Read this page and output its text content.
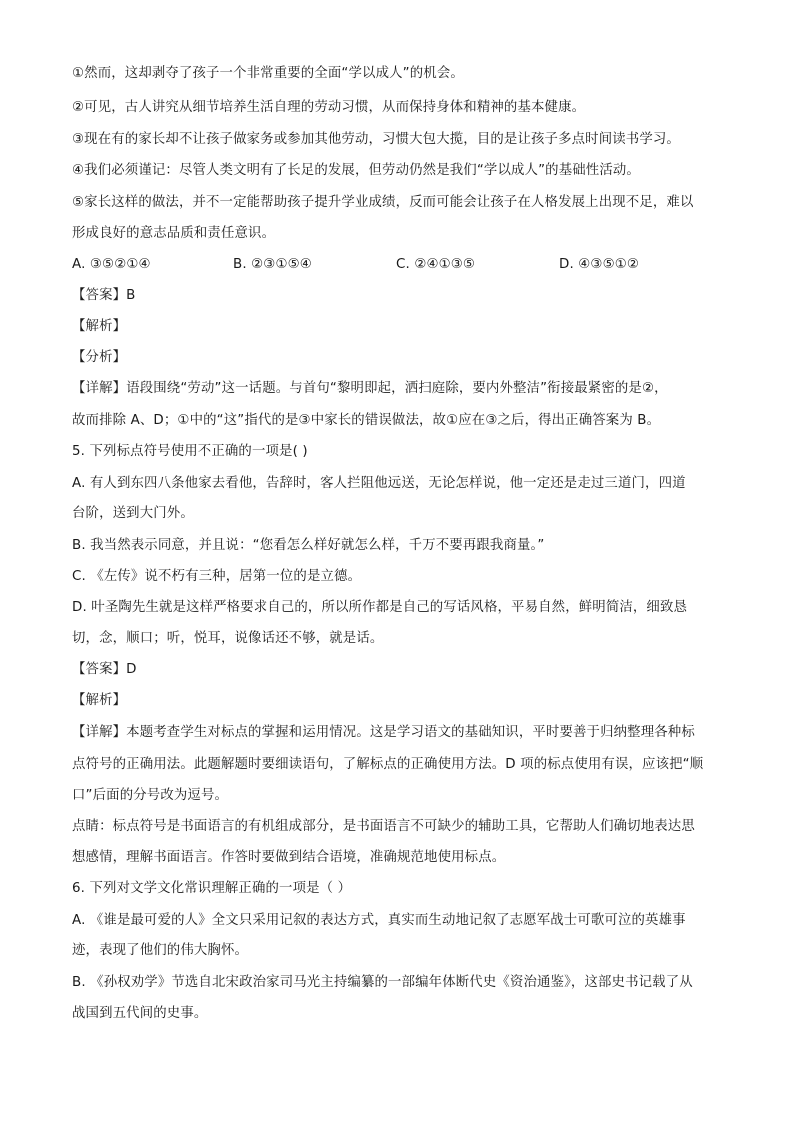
①然而，这却剥夺了孩子一个非常重要的全面“学以成人”的机会。
②可见，古人讲究从细节培养生活自理的劳动习惯，从而保持身体和精神的基本健康。
③现在有的家长却不让孩子做家务或参加其他劳动，习惯大包大揽，目的是让孩子多点时间读书学习。
④我们必须谨记：尽管人类文明有了长足的发展，但劳动仍然是我们“学以成人”的基础性活动。
⑤家长这样的做法，并不一定能帮助孩子提升学业成绩，反而可能会让孩子在人格发展上出现不足，难以
形成良好的意志品质和责任意识。
A. ③⑤②①④	B. ②③①⑤④	C. ②④①③⑤	D. ④③⑤①②
【答案】B
【解析】
【分析】
【详解】语段围绕“劳动”这一话题。与首句“黎明即起，洒扫庭除，要内外整洁”衔接最紧密的是②，
故而排除 A、D；①中的“这”指代的是③中家长的错误做法，故①应在③之后，得出正确答案为 B。
5. 下列标点符号使用不正确的一项是( )
A. 有人到东四八条他家去看他，告辞时，客人拦阻他远送，无论怎样说，他一定还是走过三道门，四道
台阶，送到大门外。
B. 我当然表示同意，并且说：“您看怎么样好就怎么样，千万不要再跟我商量。”
C. 《左传》说不朽有三种，居第一位的是立德。
D. 叶圣陶先生就是这样严格要求自己的，所以所作都是自己的写话风格，平易自然，鲜明简洁，细致恳
切，念，顺口；听，悦耳，说像话还不够，就是话。
【答案】D
【解析】
【详解】本题考查学生对标点的掌握和运用情况。这是学习语文的基础知识，平时要善于归纳整理各种标
点符号的正确用法。此题解题时要细读语句，了解标点的正确使用方法。D 项的标点使用有误，应该把“顺
口”后面的分号改为逗号。
点睛：标点符号是书面语言的有机组成部分，是书面语言不可缺少的辅助工具，它帮助人们确切地表达思
想感情，理解书面语言。作答时要做到结合语境，准确规范地使用标点。
6. 下列对文学文化常识理解正确的一项是（ ）
A. 《谁是最可爱的人》全文只采用记叙的表达方式，真实而生动地记叙了志愿军战士可歌可泣的英雄事
迹，表现了他们的伟大胸怀。
B. 《孙权劝学》节选自北宋政治家司马光主持编纂的一部编年体断代史《资治通鉴》，这部史书记载了从
战国到五代间的史事。
